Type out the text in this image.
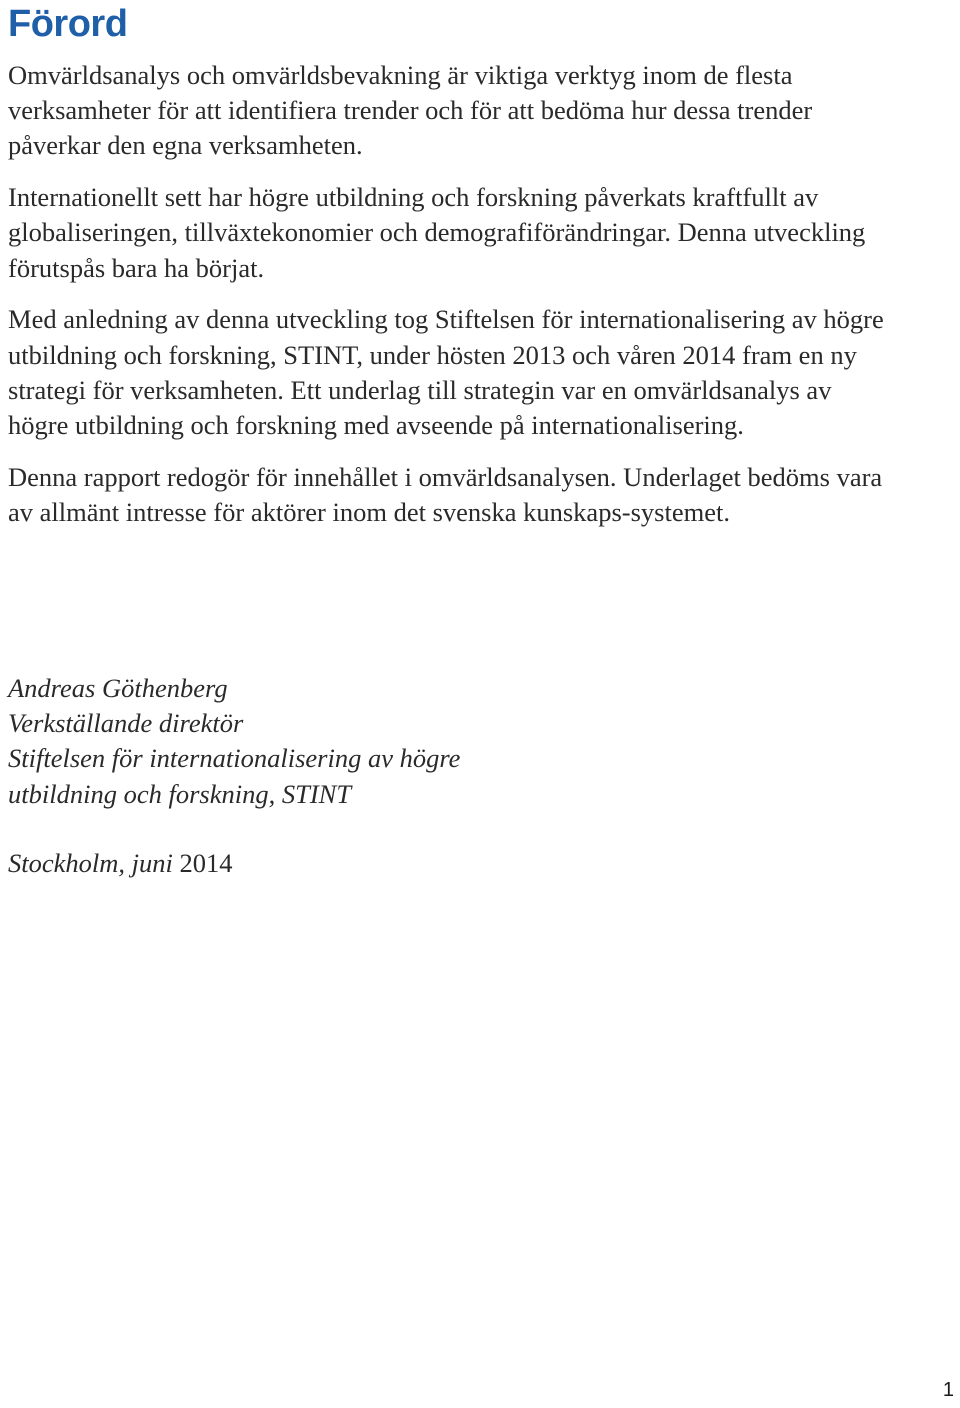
Förord

Omvärldsanalys och omvärldsbevakning är viktiga verktyg inom de flesta verksamheter för att identifiera trender och för att bedöma hur dessa trender påverkar den egna verksamheten.

Internationellt sett har högre utbildning och forskning påverkats kraftfullt av globaliseringen, tillväxtekonomier och demografiförändringar. Denna utveckling förutspås bara ha börjat.

Med anledning av denna utveckling tog Stiftelsen för internationalisering av högre utbildning och forskning, STINT, under hösten 2013 och våren 2014 fram en ny strategi för verksamheten. Ett underlag till strategin var en omvärldsanalys av högre utbildning och forskning med avseende på internationalisering.

Denna rapport redogör för innehållet i omvärldsanalysen. Underlaget bedöms vara av allmänt intresse för aktörer inom det svenska kunskaps-systemet.

Andreas Göthenberg
Verkställande direktör
Stiftelsen för internationalisering av högre
utbildning och forskning, STINT
Stockholm, juni 2014
1
